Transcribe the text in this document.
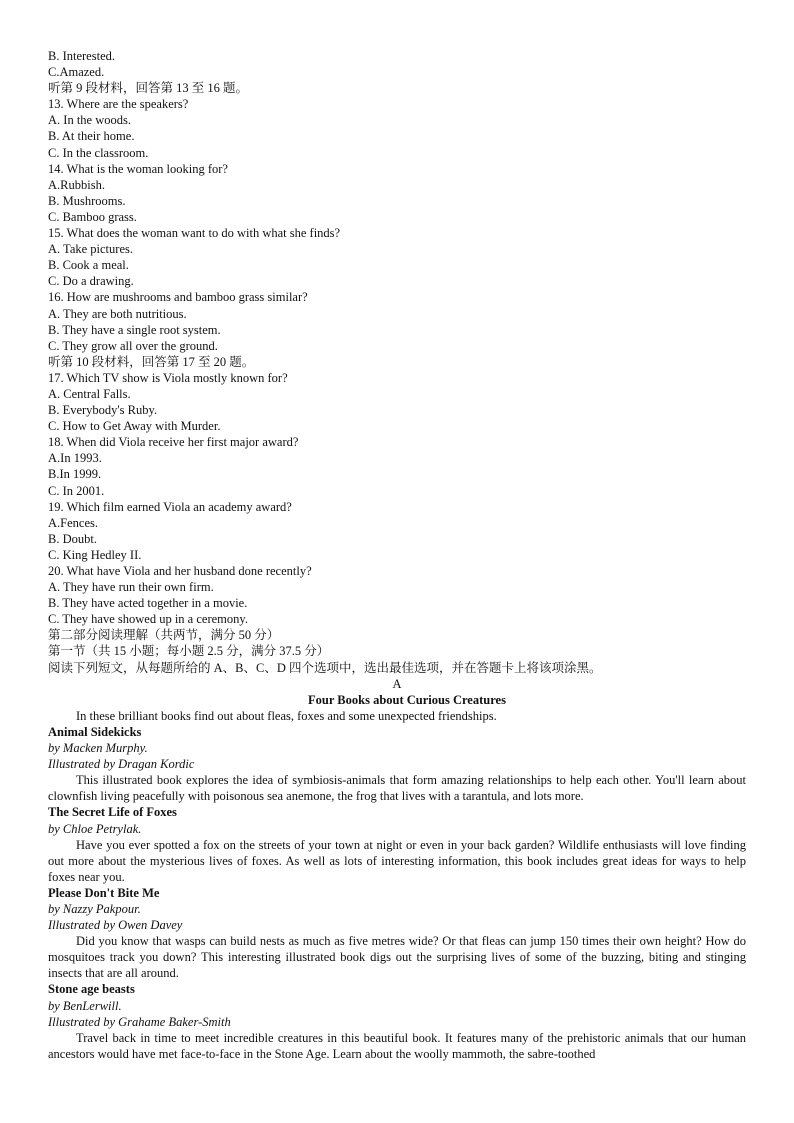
B. Interested.
C.Amazed.
听第 9 段材料，回答第 13 至 16 题。
13. Where are the speakers?
A. In the woods.
B. At their home.
C. In the classroom.
14. What is the woman looking for?
A.Rubbish.
B. Mushrooms.
C. Bamboo grass.
15. What does the woman want to do with what she finds?
A. Take pictures.
B. Cook a meal.
C. Do a drawing.
16. How are mushrooms and bamboo grass similar?
A. They are both nutritious.
B. They have a single root system.
C. They grow all over the ground.
听第 10 段材料，回答第 17 至 20 题。
17. Which TV show is Viola mostly known for?
A. Central Falls.
B. Everybody's Ruby.
C. How to Get Away with Murder.
18. When did Viola receive her first major award?
A.In 1993.
B.In 1999.
C. In 2001.
19. Which film earned Viola an academy award?
A.Fences.
B. Doubt.
C. King Hedley II.
20. What have Viola and her husband done recently?
A. They have run their own firm.
B. They have acted together in a movie.
C. They have showed up in a ceremony.
第二部分阅读理解（共两节，满分 50 分）
第一节（共 15 小题；每小题 2.5 分，满分 37.5 分）
阅读下列短文，从每题所给的 A、B、C、D 四个选项中，选出最佳选项，并在答题卡上将该项涂黑。
A
Four Books about Curious Creatures
In these brilliant books find out about fleas, foxes and some unexpected friendships.
Animal Sidekicks
by Macken Murphy.
Illustrated by Dragan Kordic
This illustrated book explores the idea of symbiosis-animals that form amazing relationships to help each other. You'll learn about clownfish living peacefully with poisonous sea anemone, the frog that lives with a tarantula, and lots more.
The Secret Life of Foxes
by Chloe Petrylak.
Have you ever spotted a fox on the streets of your town at night or even in your back garden? Wildlife enthusiasts will love finding out more about the mysterious lives of foxes. As well as lots of interesting information, this book includes great ideas for ways to help foxes near you.
Please Don't Bite Me
by Nazzy Pakpour.
Illustrated by Owen Davey
Did you know that wasps can build nests as much as five metres wide? Or that fleas can jump 150 times their own height? How do mosquitoes track you down? This interesting illustrated book digs out the surprising lives of some of the buzzing, biting and stinging insects that are all around.
Stone age beasts
by BenLerwill.
Illustrated by Grahame Baker-Smith
Travel back in time to meet incredible creatures in this beautiful book. It features many of the prehistoric animals that our human ancestors would have met face-to-face in the Stone Age. Learn about the woolly mammoth, the sabre-toothed
